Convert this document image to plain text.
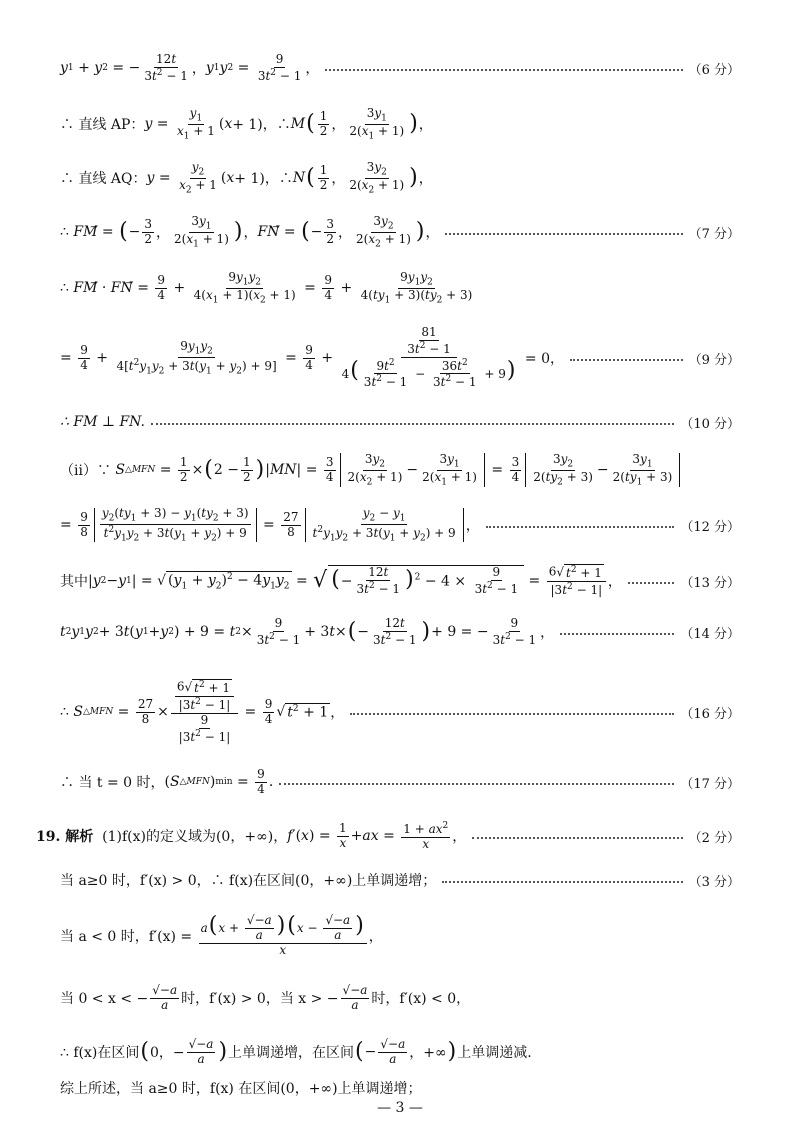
y 1 + y 2 = − $\frac{12t}{3t^2 - 1}$ ， y 1 y $2 = \frac{9}{3t^2 - 1}$ ，	（6 分）
∴ 直线 AP： $y = \frac{y_1}{x_1 + 1}$ ( x + 1)，∴ M ( $\frac{1}{2}$ ， $\frac{3y_1}{2(x_1 + 1)}$ ) ，
∴ 直线 AQ： $y = \frac{y_2}{x_2 + 1}$ ( x + 1)，∴ N ( $\frac{1}{2}$ ， $\frac{3y_2}{2(x_2 + 1)}$ ) ，
∴ FM ⃗ = ( − $\frac{3}{2}$ ， $\frac{3y_1}{2(x_1 + 1)}$ ) ， FN ⃗ = ( − $\frac{3}{2}$ ， $\frac{3y_2}{2(x_2 + 1)}$ ) ，	（7 分）
∴ FM ⃗ · FN ⃗ = $\frac{9}{4} + \frac{9y_1y_2}{4(x_1 + 1)(x_2 + 1)} = \frac{9}{4} + \frac{9y_1y_2}{4(ty_1 + 3)(ty_2 + 3)}$
= $\frac{9}{4} + \frac{9y_1y_2}{4[t^2y_1y_2 + 3t(y_1 + y_2) + 9]} = \frac{9}{4} + \frac{\frac{81}{3t^2 - 1}}{4( \frac{9t^2}{3t^2 - 1} - \frac{36t^2}{3t^2 - 1} + 9)} = 0$，	（9 分）
∴ FM ⊥ FN.	（10 分）
（ⅱ）∵
S △MFN = $\frac{1}{2}$ × ( $2 - \frac{1}{2}$ ) | MN | = $\frac{3}{4} \frac{3y_2}{2(x_2 + 1)} - \frac{3y_1}{2(x_1 + 1)} = \frac{3}{4} \frac{3y_2}{2(ty_2 + 3)} - \frac{3y_1}{2(ty_1 + 3)}$
= $\frac{9}{8} \frac{y_2(ty_1 + 3) - y_1(ty_2 + 3)}{t^2y_1y_2 + 3t(y_1 + y_2) + 9} = \frac{27}{8} \frac{y_2 - y_1}{t^2y_1y_2 + 3t(y_1 + y_2) + 9}$ ，	（12 分）
其中 | y 2 − y 1 | = √ $(y_1 + y_2)^2 - 4y_1y_2$ = √ (− $\frac{12t}{3t^2 - 1} )^2 - 4 \times \frac{9}{3t^2 - 1} = \frac{6√ t^2 + 1}{|3t^2 - 1|}$ ，	（13 分）
t 2 y 1 y 2 + 3 t ( y 1 + y 2 ) + 9 = t $2 \times \frac{9}{3t^2 - 1} + 3$ t × ( − $\frac{12t}{3t^2 - 1}$ ) + 9 = − $\frac{9}{3t^2 - 1}$ ，	（14 分）
∴ S △MFN = $\frac{27}{8} \times \frac{\frac{6√ t^2 + 1}{|3t^2 - 1|}}{\frac{9}{|3t^2 - 1|}} = \frac{9}{4}$ √ $t^2 + 1$ ，	（16 分）
∴ 当 t = 0 时， ( S △MFN ) $\min = \frac{9}{4}$ .	（17 分）
19. 解析
(1)f(x)的定义域为(0，+∞)， f ′( x ) = $\frac{1}{x}$ + ax = $\frac{1 + ax^2}{x}$ ，	（2 分）
当 a≥0 时，f′(x) > 0，∴ f(x)在区间(0，+∞)上单调递增；	（3 分）
当 a < 0 时，f′(x) =
$\frac{a(x + \frac{√-a}{a} )(x - \frac{√-a}{a} )}{x}$ ，
当 0 < x < − $\frac{√-a}{a}$ 时，f′(x) > 0，当 x > − $\frac{√-a}{a}$ 时，f′(x) < 0，
∴ f(x)在区间 ( 0，− $\frac{√-a}{a}$ ) 上单调递增，在区间 ( − $\frac{√-a}{a}$ ，+∞ ) 上单调递减.
综上所述，当 a≥0 时，f(x) 在区间(0，+∞)上单调递增；
— 3 —
